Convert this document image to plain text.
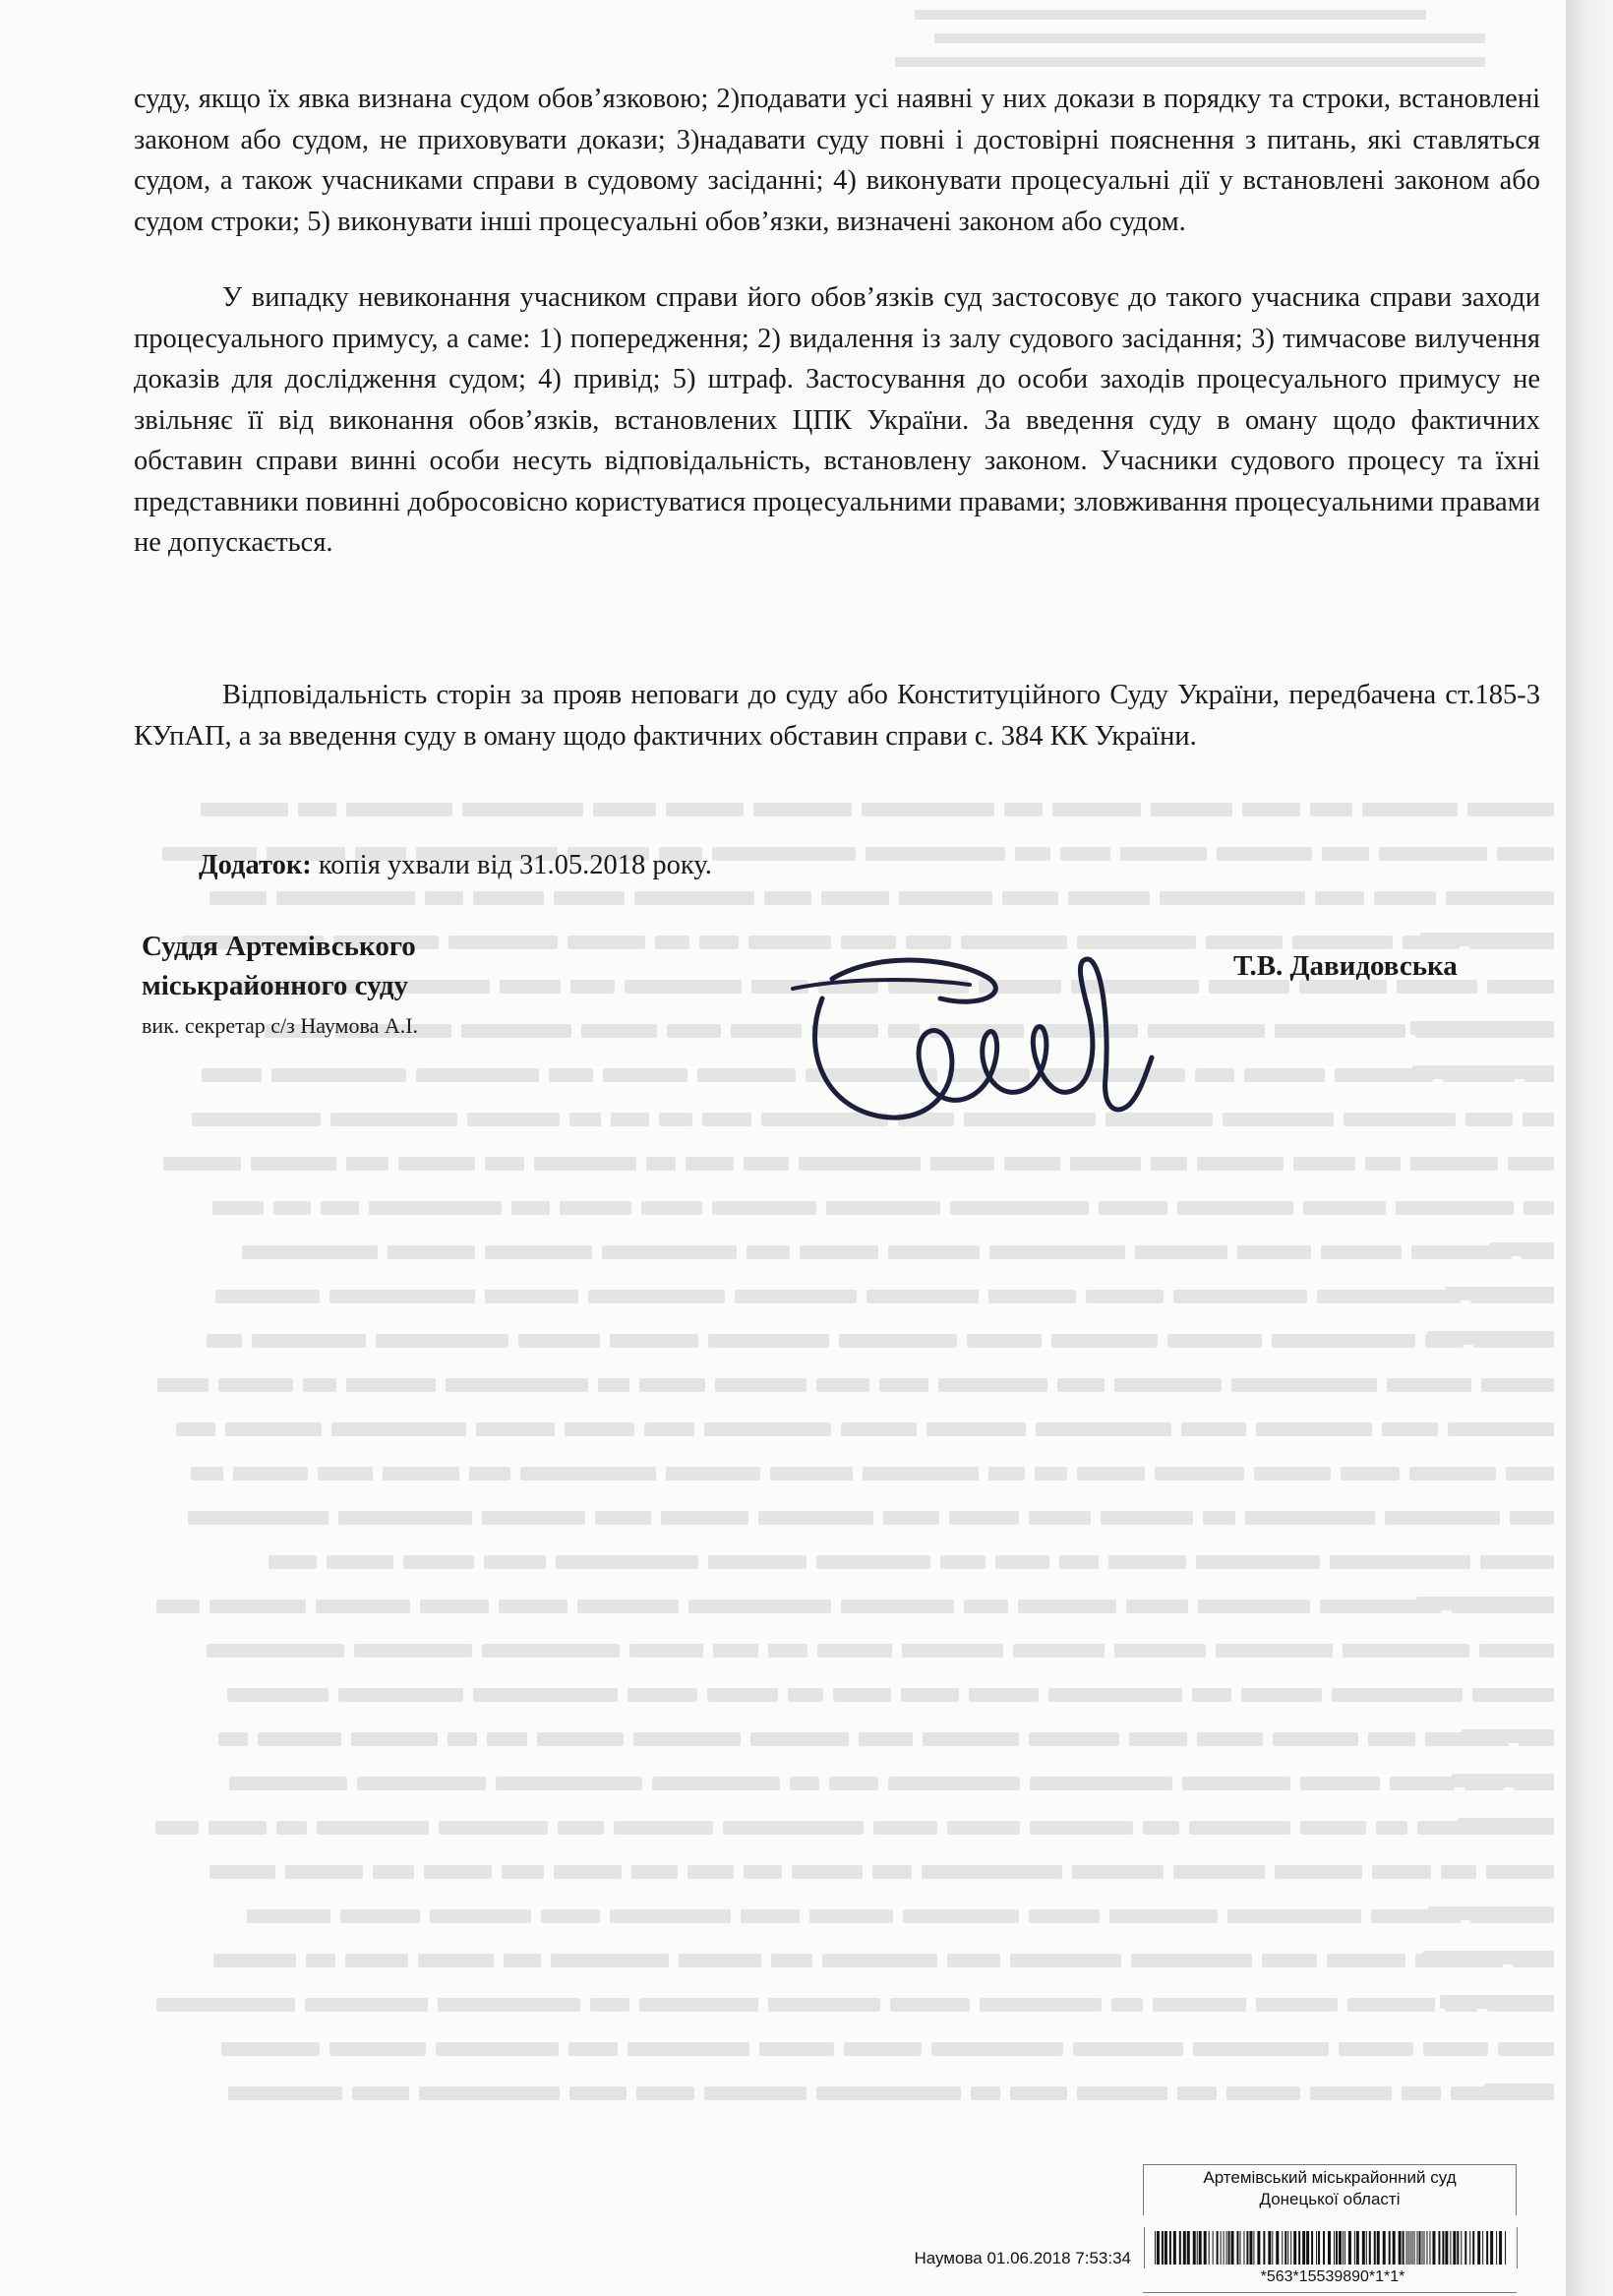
суду, якщо їх явка визнана судом обов’язковою; 2)подавати усі наявні у них докази в порядку та строки, встановлені законом або судом, не приховувати докази; 3)надавати суду повні і достовірні пояснення з питань, які ставляться судом, а також учасниками справи в судовому засіданні; 4) виконувати процесуальні дії у встановлені законом або судом строки; 5) виконувати інші процесуальні обов’язки, визначені законом або судом.

У випадку невиконання учасником справи його обов’язків суд застосовує до такого учасника справи заходи процесуального примусу, а саме: 1) попередження; 2) видалення із залу судового засідання; 3) тимчасове вилучення доказів для дослідження судом; 4) привід; 5) штраф. Застосування до особи заходів процесуального примусу не звільняє її від виконання обов’язків, встановлених ЦПК України. За введення суду в оману щодо фактичних обставин справи винні особи несуть відповідальність, встановлену законом. Учасники судового процесу та їхні представники повинні добросовісно користуватися процесуальними правами; зловживання процесуальними правами не допускається.

Відповідальність сторін за прояв неповаги до суду або Конституційного Суду України, передбачена ст.185-3 КУпАП, а за введення суду в оману щодо фактичних обставин справи с. 384 КК України.

Додаток: копія ухвали від 31.05.2018 року.

Суддя Артемівського

міськрайонного суду

вик. секретар с/з Наумова А.І.
Т.В. Давидовська
Артемівський міськрайонний суд
Донецької області
Наумова 01.06.2018 7:53:34
*563*15539890*1*1*
